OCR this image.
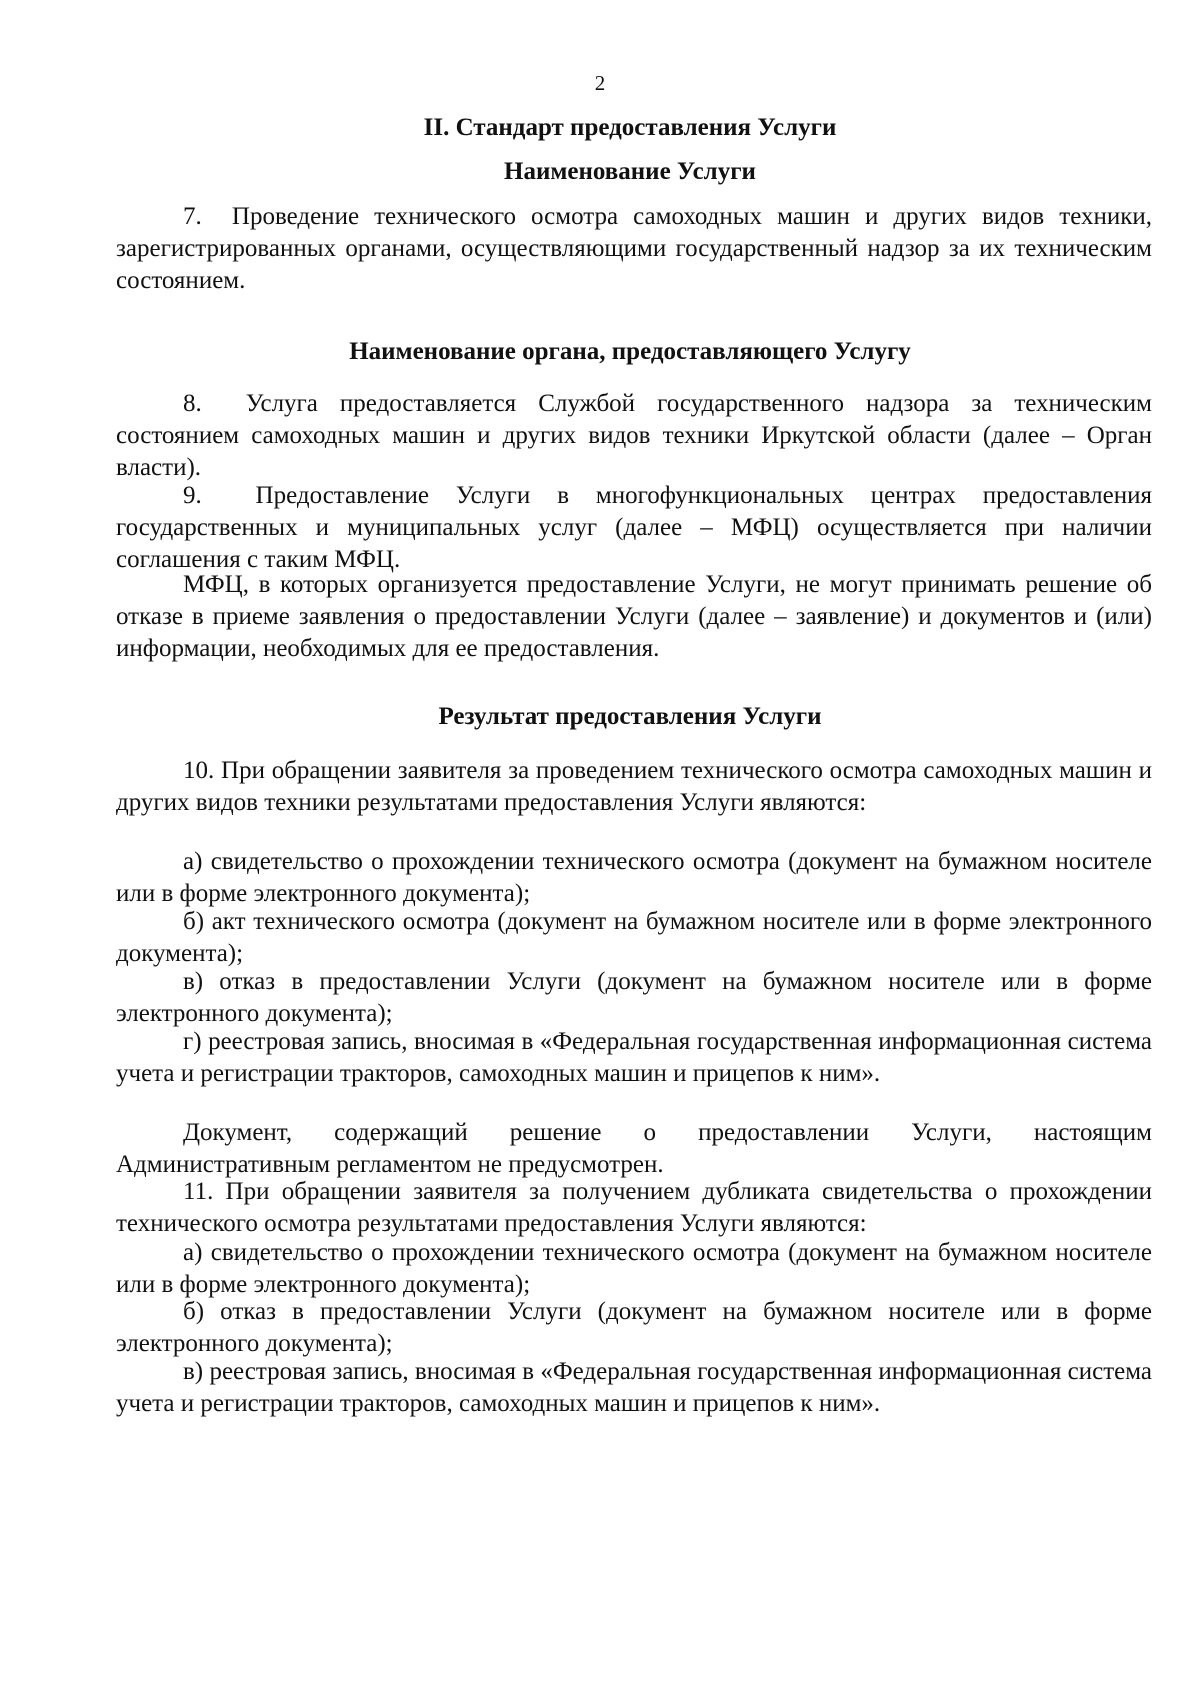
2
II. Стандарт предоставления Услуги
Наименование Услуги

7.  Проведение технического осмотра самоходных машин и других видов техники, зарегистрированных органами, осуществляющими государственный надзор за их техническим состоянием.

Наименование органа, предоставляющего Услугу

8.  Услуга предоставляется Службой государственного надзора за техническим состоянием самоходных машин и других видов техники Иркутской области (далее – Орган власти).

9.  Предоставление Услуги в многофункциональных центрах предоставления государственных и муниципальных услуг (далее – МФЦ) осуществляется при наличии соглашения с таким МФЦ.

МФЦ, в которых организуется предоставление Услуги, не могут принимать решение об отказе в приеме заявления о предоставлении Услуги (далее – заявление) и документов и (или) информации, необходимых для ее предоставления.

Результат предоставления Услуги

10. При обращении заявителя за проведением технического осмотра самоходных машин и других видов техники результатами предоставления Услуги являются:

а) свидетельство о прохождении технического осмотра (документ на бумажном носителе или в форме электронного документа);

б) акт технического осмотра (документ на бумажном носителе или в форме электронного документа);

в) отказ в предоставлении Услуги (документ на бумажном носителе или в форме электронного документа);

г) реестровая запись, вносимая в «Федеральная государственная информационная система учета и регистрации тракторов, самоходных машин и прицепов к ним».

Документ, содержащий решение о предоставлении Услуги, настоящим Административным регламентом не предусмотрен.

11. При обращении заявителя за получением дубликата свидетельства о прохождении технического осмотра результатами предоставления Услуги являются:

а) свидетельство о прохождении технического осмотра (документ на бумажном носителе или в форме электронного документа);

б) отказ в предоставлении Услуги (документ на бумажном носителе или в форме электронного документа);

в) реестровая запись, вносимая в «Федеральная государственная информационная система учета и регистрации тракторов, самоходных машин и прицепов к ним».
